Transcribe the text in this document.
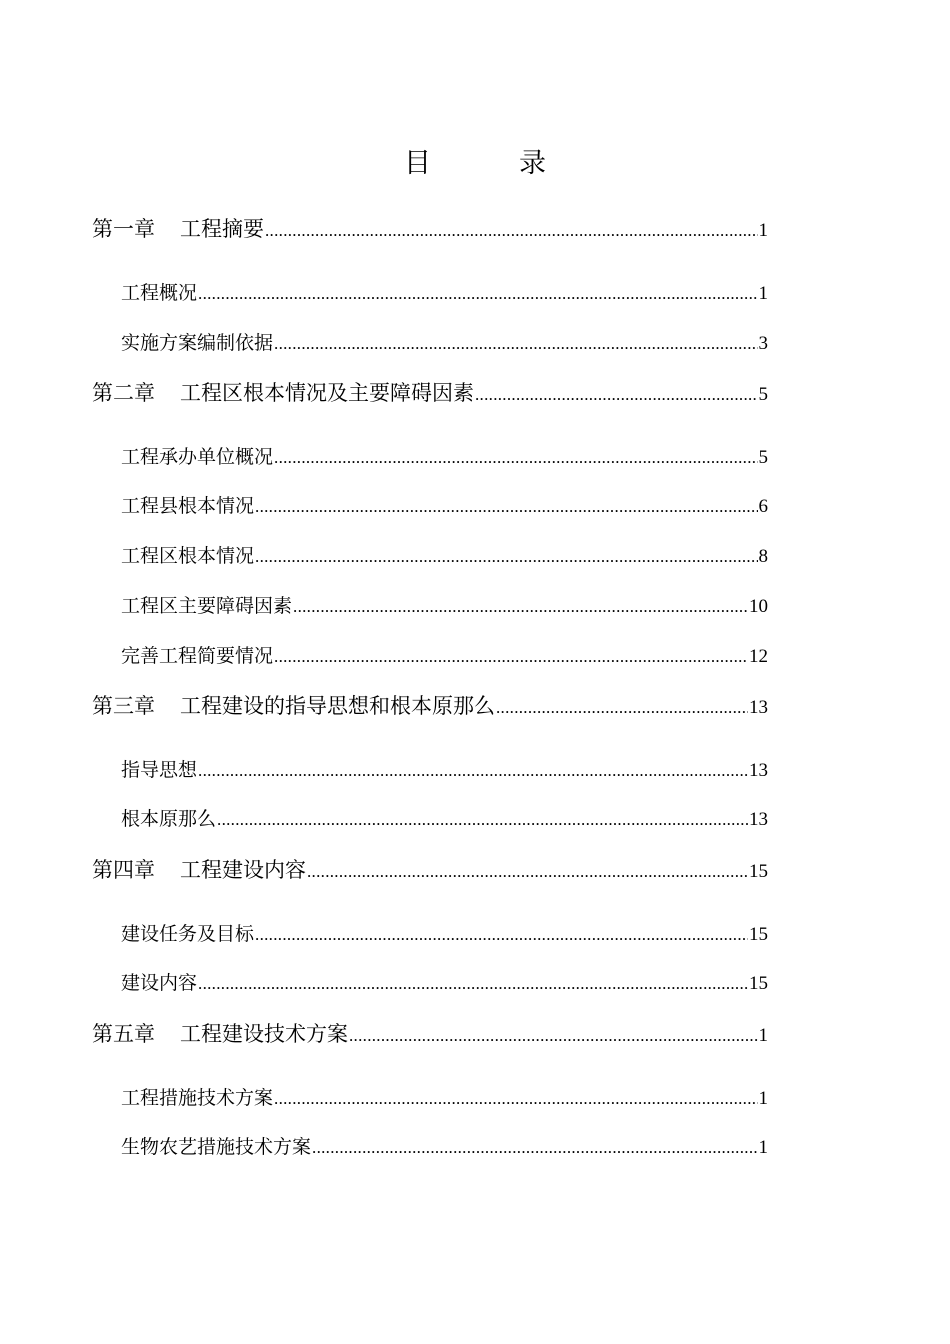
目录
第一章 工程摘要 .....	1
工程概况 .....	1
实施方案编制依据 .....	3
第二章 工程区根本情况及主要障碍因素 .....	5
工程承办单位概况 .....	5
工程县根本情况 .....	6
工程区根本情况 .....	8
工程区主要障碍因素 .....	10
完善工程简要情况 .....	12
第三章 工程建设的指导思想和根本原那么 .....	13
指导思想 .....	13
根本原那么 .....	13
第四章 工程建设内容 .....	15
建设任务及目标 .....	15
建设内容 .....	15
第五章 工程建设技术方案 .....	1
工程措施技术方案 .....	1
生物农艺措施技术方案 .....	1
